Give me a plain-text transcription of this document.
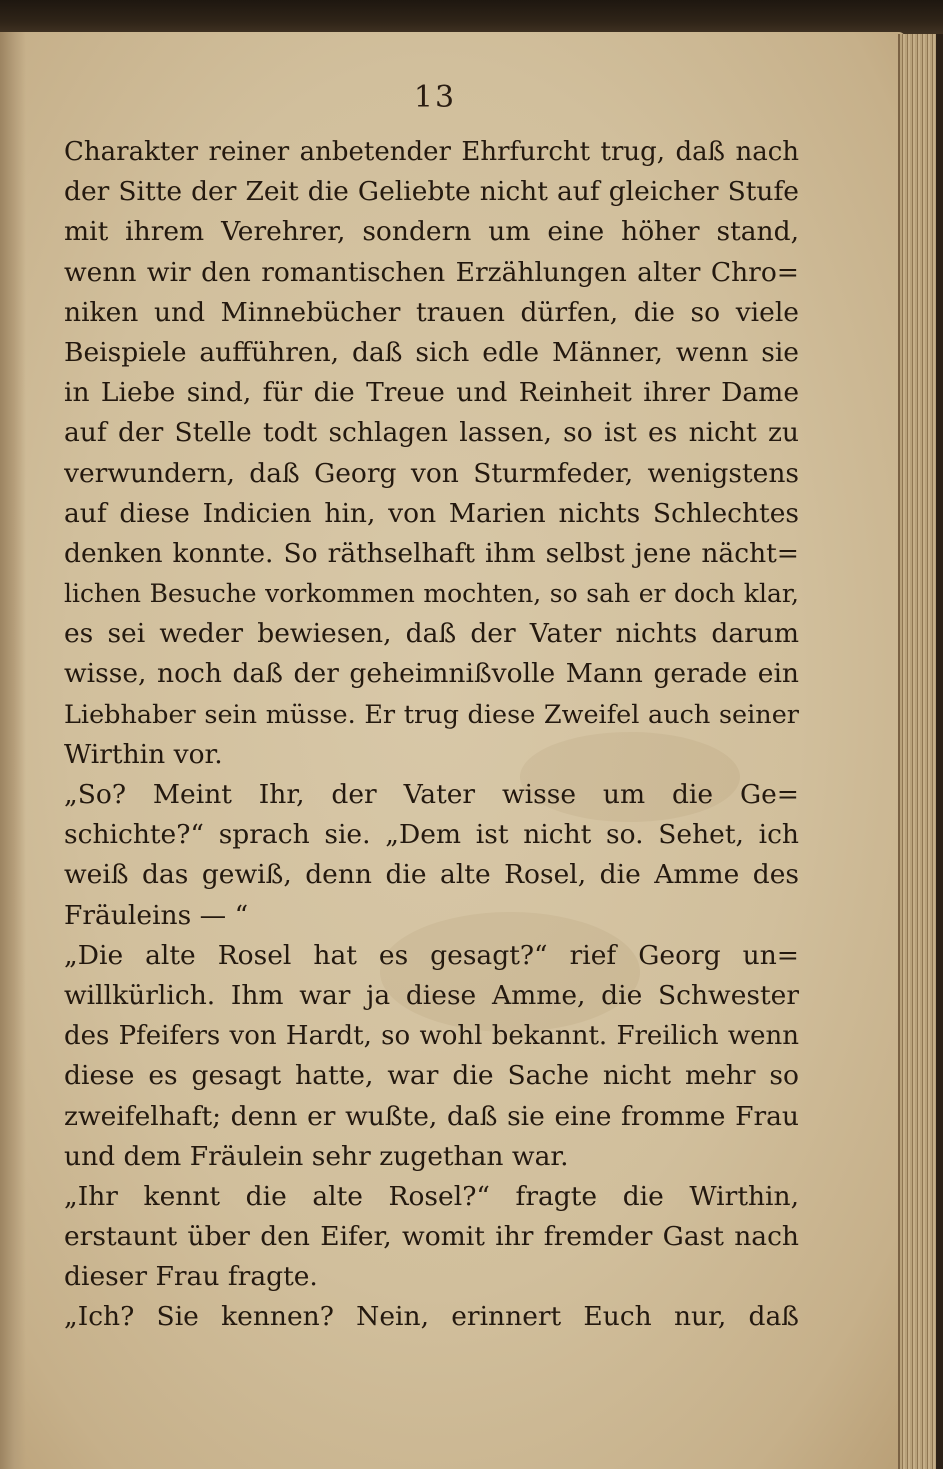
13
Charakter reiner anbetender Ehrfurcht trug, daß nach
der Sitte der Zeit die Geliebte nicht auf gleicher Stufe
mit ihrem Verehrer, sondern um eine höher stand,
wenn wir den romantischen Erzählungen alter Chro=
niken und Minnebücher trauen dürfen, die so viele
Beispiele aufführen, daß sich edle Männer, wenn sie
in Liebe sind, für die Treue und Reinheit ihrer Dame
auf der Stelle todt schlagen lassen, so ist es nicht zu
verwundern, daß Georg von Sturmfeder, wenigstens
auf diese Indicien hin, von Marien nichts Schlechtes
denken konnte. So räthselhaft ihm selbst jene nächt=
lichen Besuche vorkommen mochten, so sah er doch klar,
es sei weder bewiesen, daß der Vater nichts darum
wisse, noch daß der geheimnißvolle Mann gerade ein
Liebhaber sein müsse. Er trug diese Zweifel auch seiner
Wirthin vor.
„So? Meint Ihr, der Vater wisse um die Ge=
schichte?“ sprach sie. „Dem ist nicht so. Sehet, ich
weiß das gewiß, denn die alte Rosel, die Amme des
Fräuleins — “
„Die alte Rosel hat es gesagt?“ rief Georg un=
willkürlich. Ihm war ja diese Amme, die Schwester
des Pfeifers von Hardt, so wohl bekannt. Freilich wenn
diese es gesagt hatte, war die Sache nicht mehr so
zweifelhaft; denn er wußte, daß sie eine fromme Frau
und dem Fräulein sehr zugethan war.
„Ihr kennt die alte Rosel?“ fragte die Wirthin,
erstaunt über den Eifer, womit ihr fremder Gast nach
dieser Frau fragte.
„Ich? Sie kennen? Nein, erinnert Euch nur, daß
